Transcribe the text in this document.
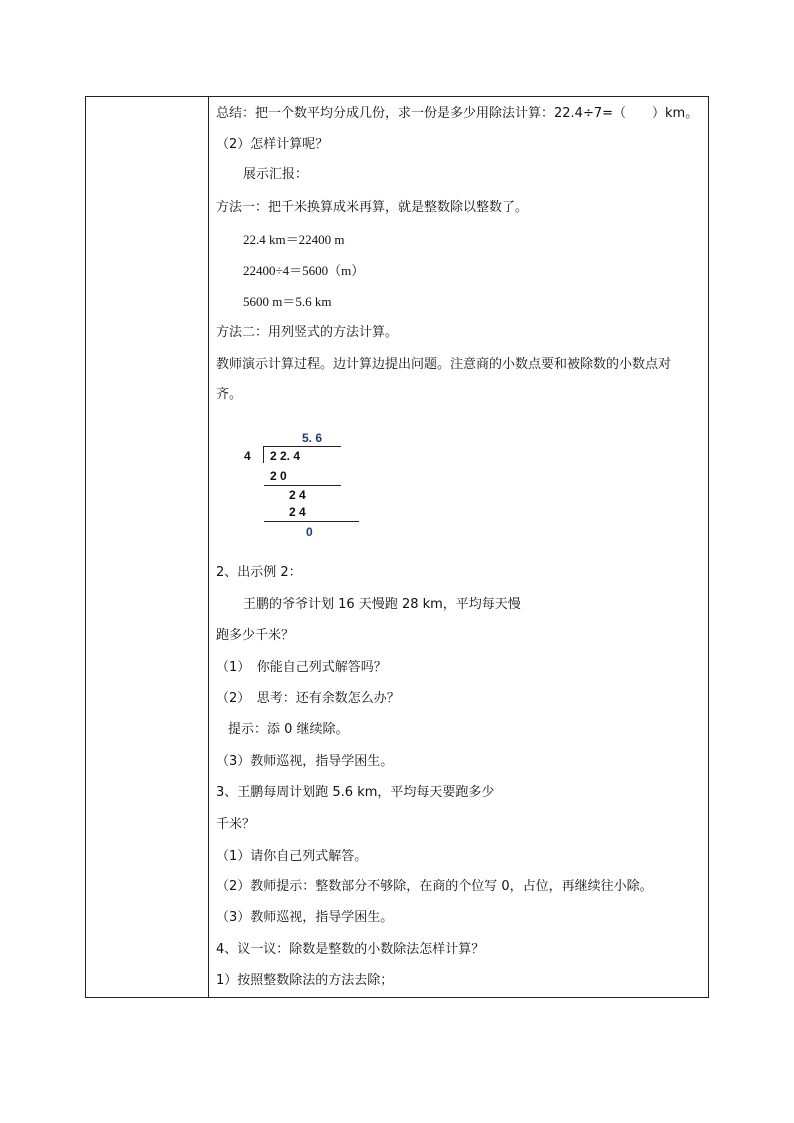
总结：把一个数平均分成几份，求一份是多少用除法计算：22.4÷7=（　　）km。
（2）怎样计算呢？
展示汇报：
方法一：把千米换算成米再算，就是整数除以整数了。
22.4 km＝22400 m
22400÷4＝5600（m）
5600 m＝5.6 km
方法二：用列竖式的方法计算。
教师演示计算过程。边计算边提出问题。注意商的小数点要和被除数的小数点对
齐。
5. 6
4 2 2. 4
2 0
2 4
2 4
0
2、出示例 2：
王鹏的爷爷计划 16 天慢跑 28 km，平均每天慢
跑多少千米？
（1）　你能自己列式解答吗？
（2）　思考：还有余数怎么办？
提示：添 0 继续除。
（3）教师巡视，指导学困生。
3、王鹏每周计划跑 5.6 km，平均每天要跑多少
千米？
（1）请你自己列式解答。
（2）教师提示：整数部分不够除，在商的个位写 0，占位，再继续往小除。
（3）教师巡视，指导学困生。
4、议一议：除数是整数的小数除法怎样计算？
1）按照整数除法的方法去除；
